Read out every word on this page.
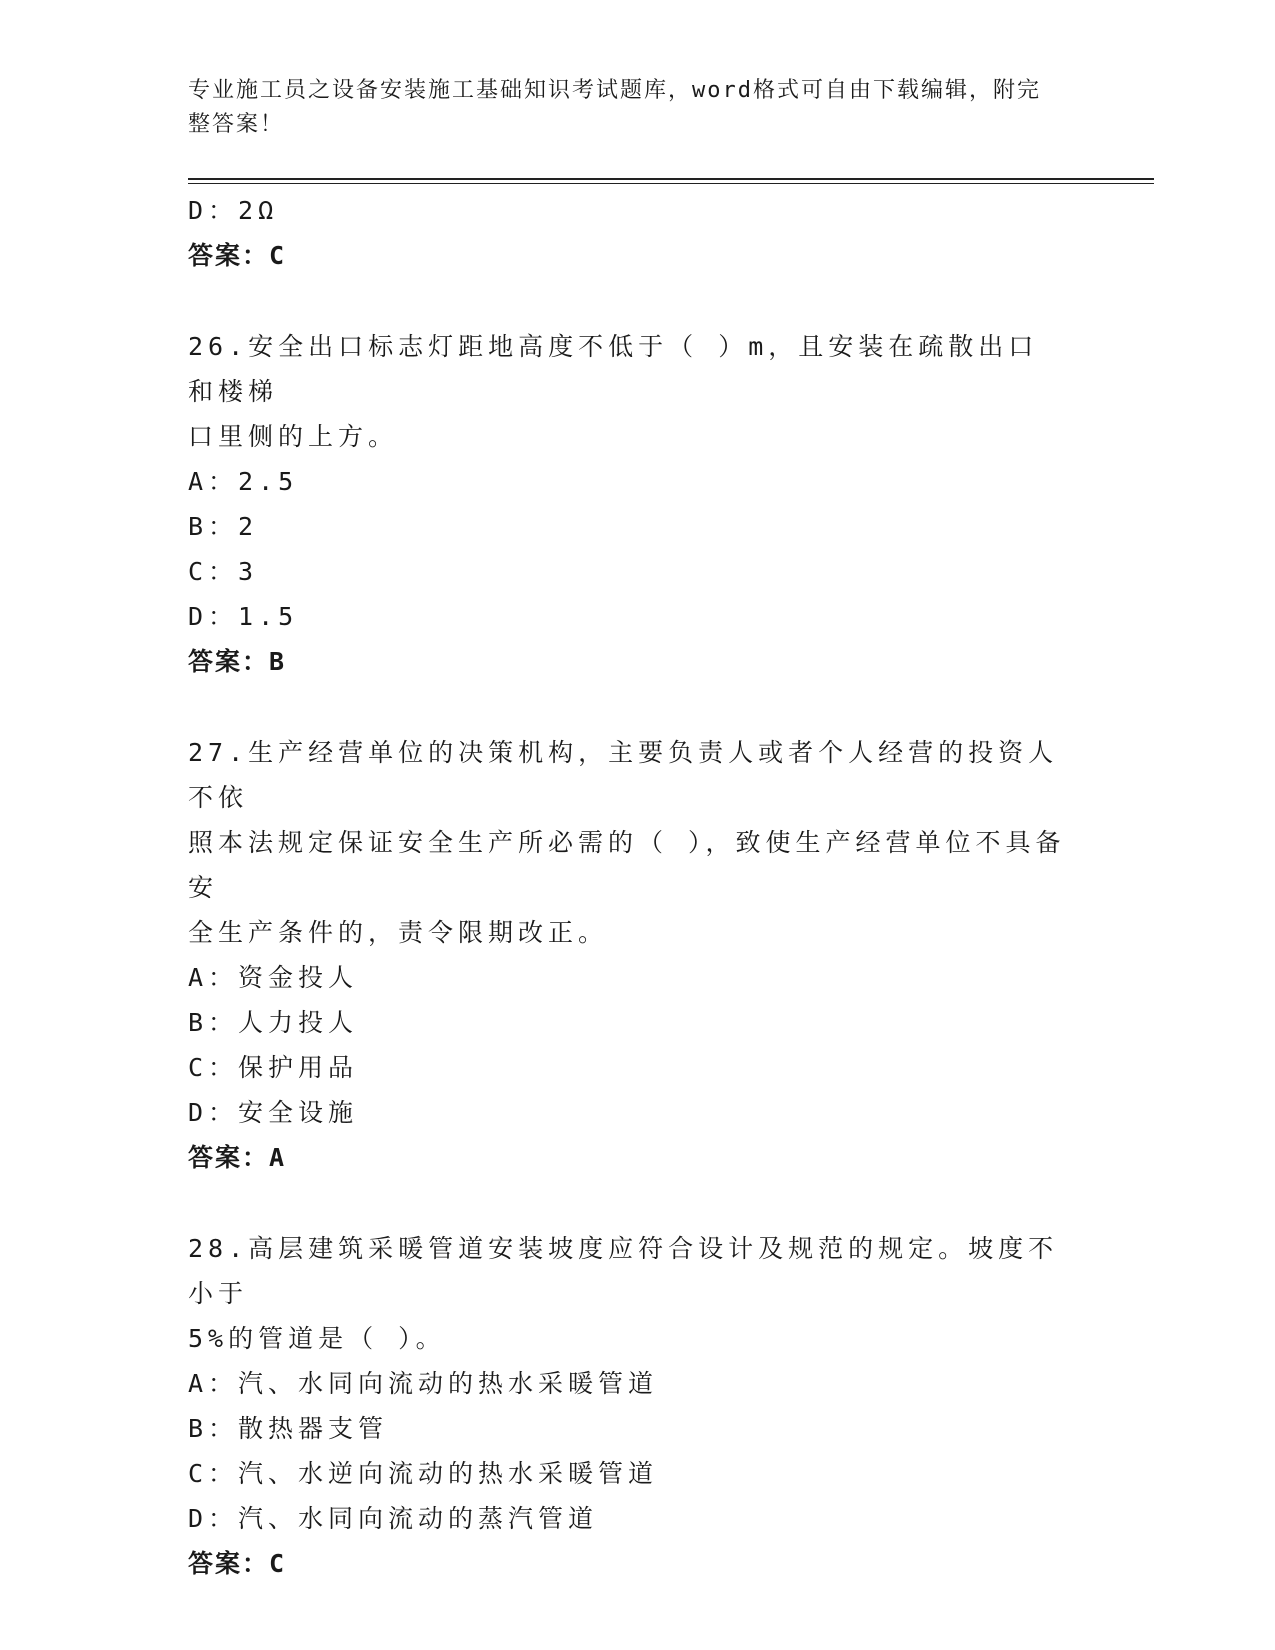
专业施工员之设备安装施工基础知识考试题库，word格式可自由下载编辑，附完
整答案！
D：2Ω
答案：C
26.安全出口标志灯距地高度不低于（ ）m，且安装在疏散出口和楼梯
口里侧的上方。
A：2.5
B：2
C：3
D：1.5
答案：B
27.生产经营单位的决策机构，主要负责人或者个人经营的投资人不依
照本法规定保证安全生产所必需的（ ），致使生产经营单位不具备安
全生产条件的，责令限期改正。
A：资金投人
B：人力投人
C：保护用品
D：安全设施
答案：A
28.高层建筑采暖管道安装坡度应符合设计及规范的规定。坡度不小于
5%的管道是（ ）。
A：汽、水同向流动的热水采暖管道
B：散热器支管
C：汽、水逆向流动的热水采暖管道
D：汽、水同向流动的蒸汽管道
答案：C
